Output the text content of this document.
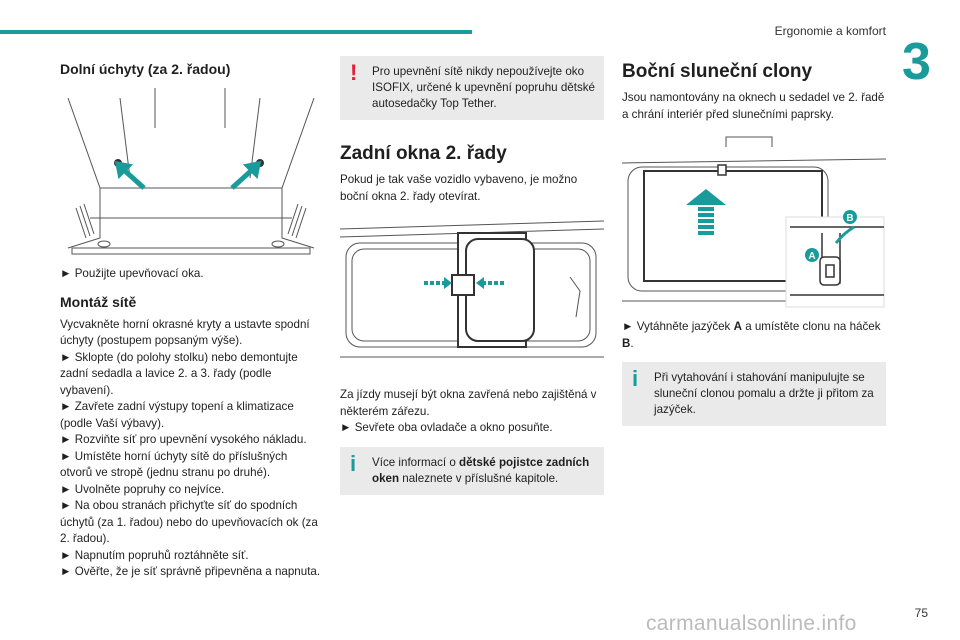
Ergonomie a komfort
3
Dolní úchyty (za 2. řadou)

► Použijte upevňovací oka.

Montáž sítě

Vycvakněte horní okrasné kryty a ustavte spodní úchyty (postupem popsaným výše).

► Sklopte (do polohy stolku) nebo demontujte zadní sedadla a lavice 2. a 3. řady (podle vybavení).

► Zavřete zadní výstupy topení a klimatizace (podle Vaší výbavy).

► Rozviňte síť pro upevnění vysokého nákladu.

► Umístěte horní úchyty sítě do příslušných otvorů ve stropě (jednu stranu po druhé).

► Uvolněte popruhy co nejvíce.

► Na obou stranách přichyťte síť do spodních úchytů (za 1. řadou) nebo do upevňovacích ok (za 2. řadou).

► Napnutím popruhů roztáhněte síť.

► Ověřte, že je síť správně připevněna a napnuta.

! Pro upevnění sítě nikdy nepoužívejte oko ISOFIX, určené k upevnění popruhu dětské autosedačky Top Tether.
Zadní okna 2. řady

Pokud je tak vaše vozidlo vybaveno, je možno boční okna 2. řady otevírat.

Za jízdy musejí být okna zavřená nebo zajištěná v některém zářezu.

► Sevřete oba ovladače a okno posuňte.

i Více informací o dětské pojistce zadních oken naleznete v příslušné kapitole.
Boční sluneční clony

Jsou namontovány na oknech u sedadel ve 2. řadě a chrání interiér před slunečními paprsky.

B
A

► Vytáhněte jazýček A a umístěte clonu na háček B.

i Při vytahování i stahování manipulujte se sluneční clonou pomalu a držte ji přitom za jazýček.
75
carmanualsonline.info
